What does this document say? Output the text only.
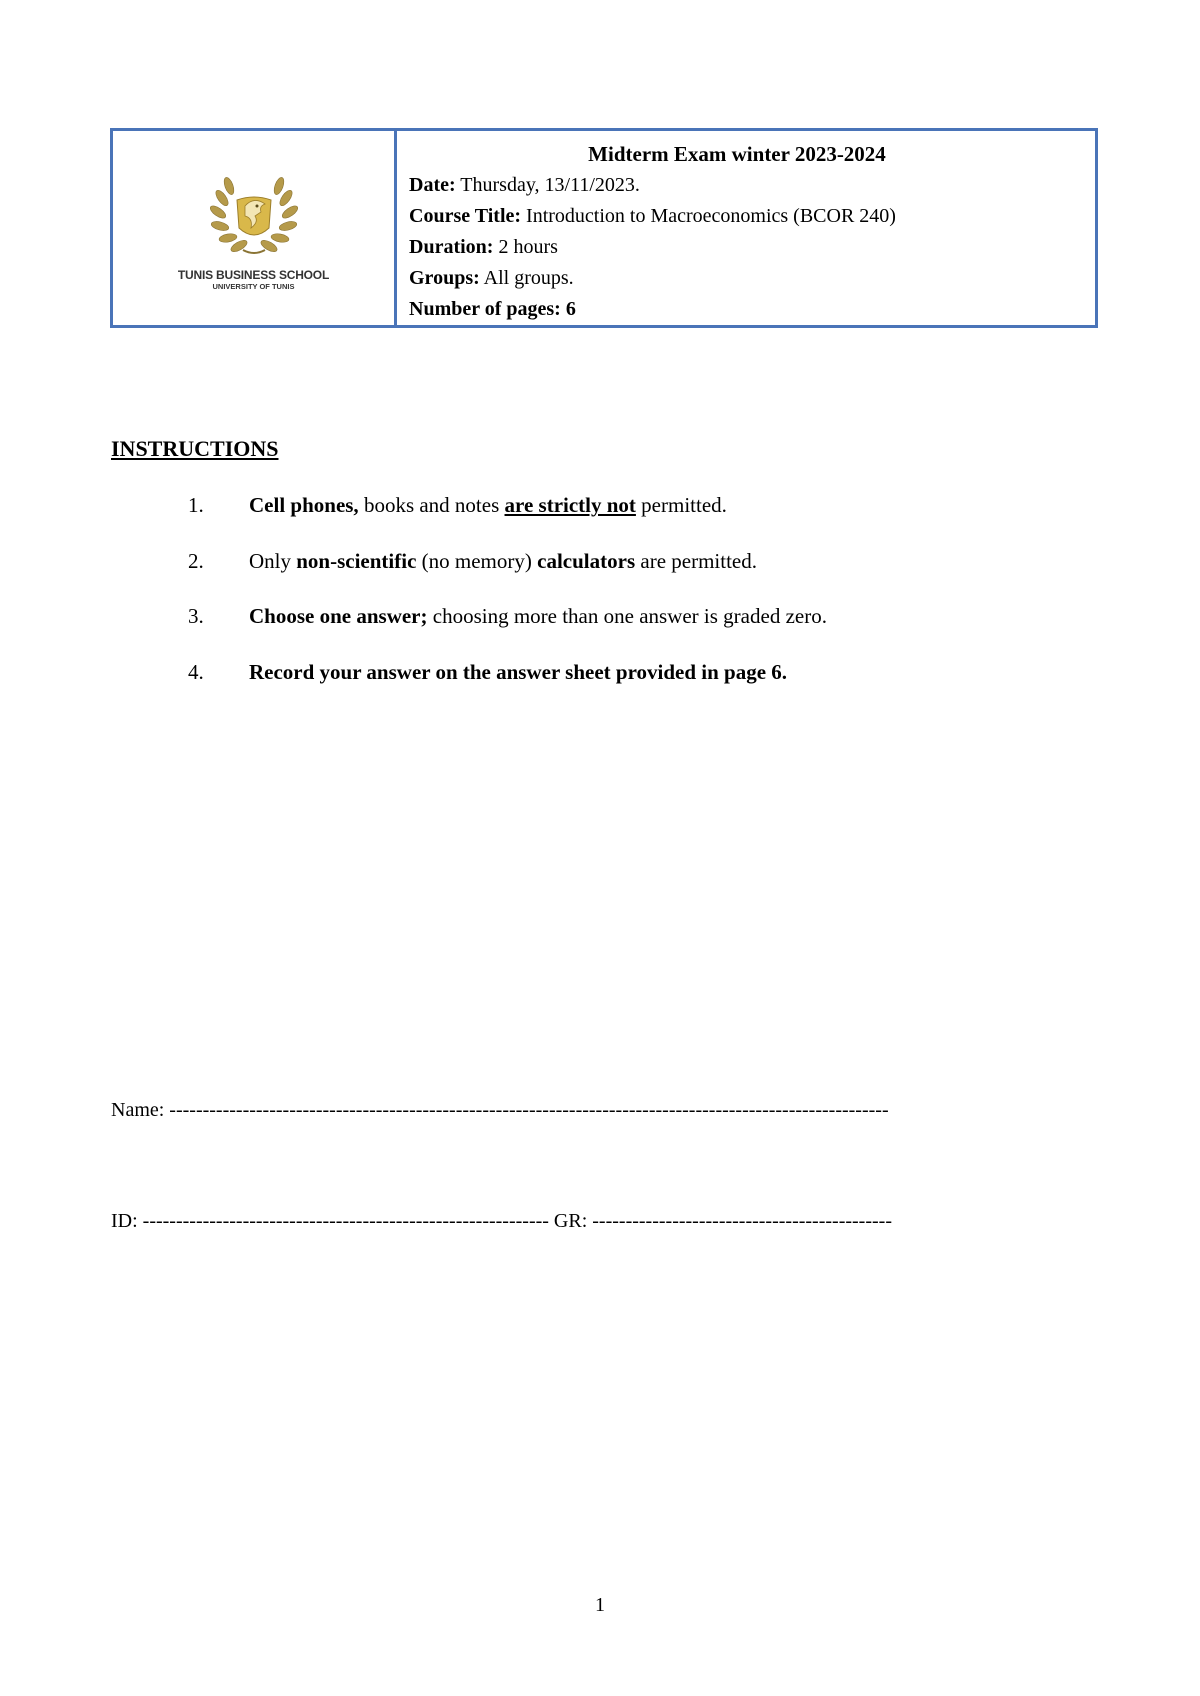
TUNIS BUSINESS SCHOOL
UNIVERSITY OF TUNIS
Midterm Exam winter 2023-2024
Date: Thursday, 13/11/2023.
Course Title: Introduction to Macroeconomics (BCOR 240)
Duration: 2 hours
Groups: All groups.
Number of pages: 6
INSTRUCTIONS
1. Cell phones, books and notes are strictly not permitted.
2. Only non-scientific (no memory) calculators are permitted.
3. Choose one answer; choosing more than one answer is graded zero.
4. Record your answer on the answer sheet provided in page 6.
Name: ------------------------------------------------------------------------------------------------------------
ID: ------------------------------------------------------------- GR: ---------------------------------------------
1
